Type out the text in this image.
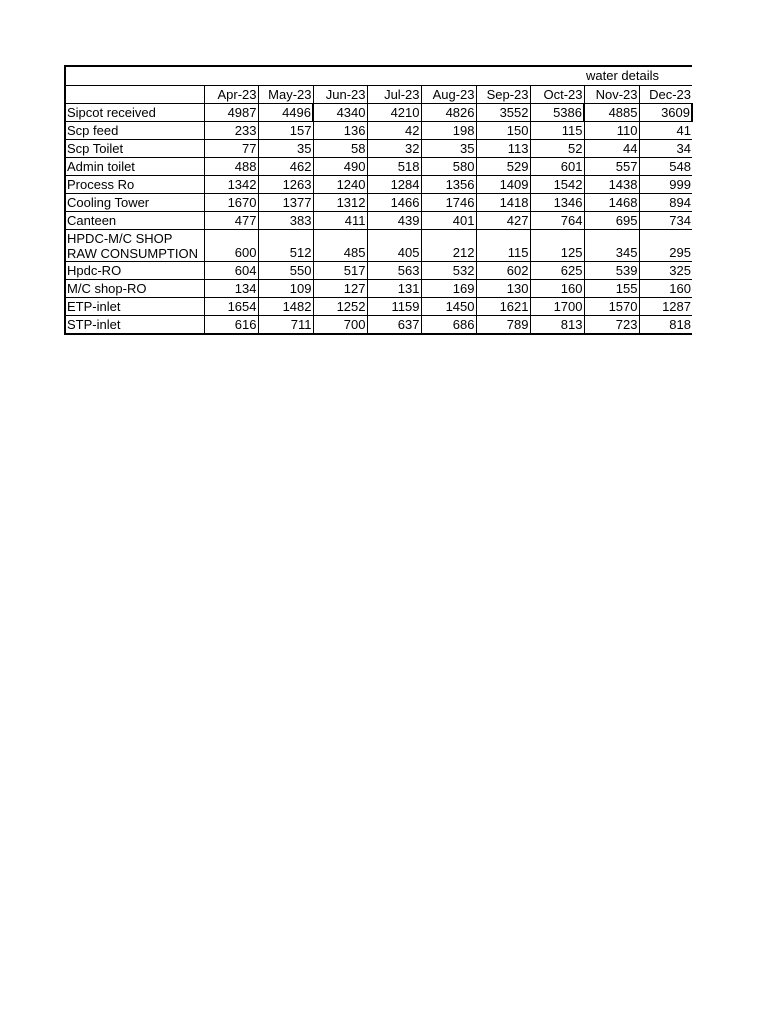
water details
	Apr-23	May-23	Jun-23	Jul-23	Aug-23	Sep-23	Oct-23	Nov-23	Dec-23
Sipcot received	4987	4496	4340	4210	4826	3552	5386	4885	3609
Scp feed	233	157	136	42	198	150	115	110	41
Scp Toilet	77	35	58	32	35	113	52	44	34
Admin toilet	488	462	490	518	580	529	601	557	548
Process Ro	1342	1263	1240	1284	1356	1409	1542	1438	999
Cooling Tower	1670	1377	1312	1466	1746	1418	1346	1468	894
Canteen	477	383	411	439	401	427	764	695	734
HPDC-M/C SHOP RAW CONSUMPTION	600	512	485	405	212	115	125	345	295
Hpdc-RO	604	550	517	563	532	602	625	539	325
M/C shop-RO	134	109	127	131	169	130	160	155	160
ETP-inlet	1654	1482	1252	1159	1450	1621	1700	1570	1287
STP-inlet	616	711	700	637	686	789	813	723	818
